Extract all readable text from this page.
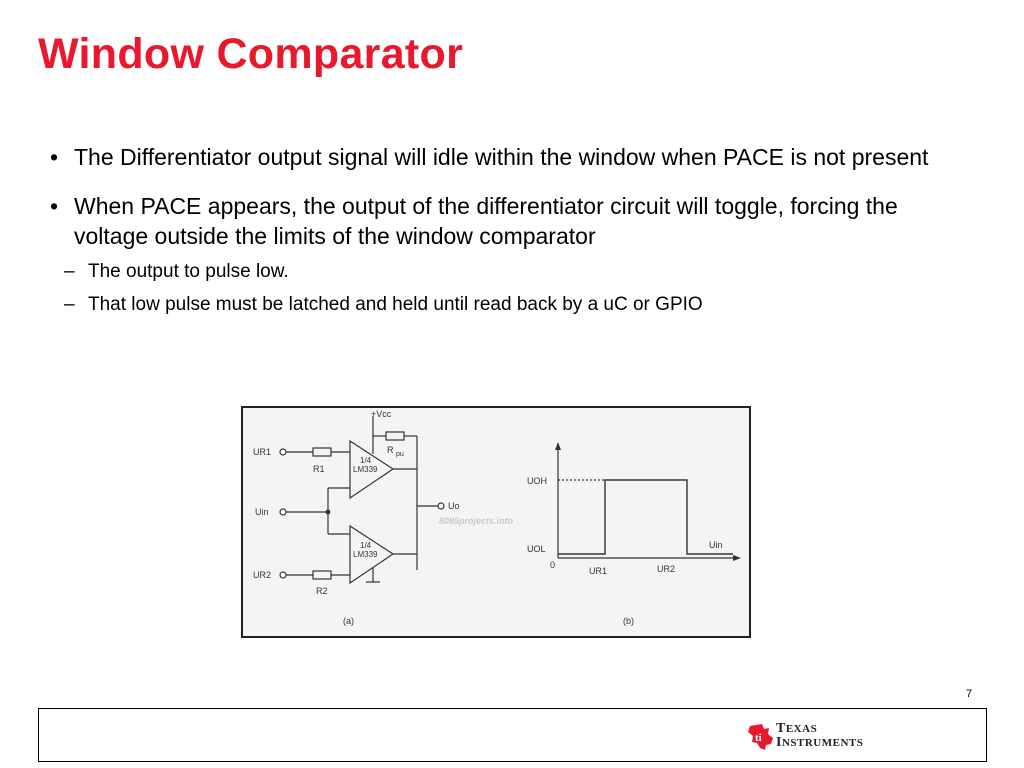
Window Comparator
• The Differentiator output signal will idle within the window when PACE is not present
• When PACE appears, the output of the differentiator circuit will toggle, forcing the voltage outside the limits of the window comparator
– The output to pulse low.
– That low pulse must be latched and held until read back by a uC or GPIO
+Vcc
UR1
R1
Uin
UR2
R2
R pu
1/4
LM339
1/4
LM339
Uo
(a)
8085projects.info
UOH
UOL
0
UR1	UR2
Uin
(b)
7
ti
TEXAS
INSTRUMENTS
